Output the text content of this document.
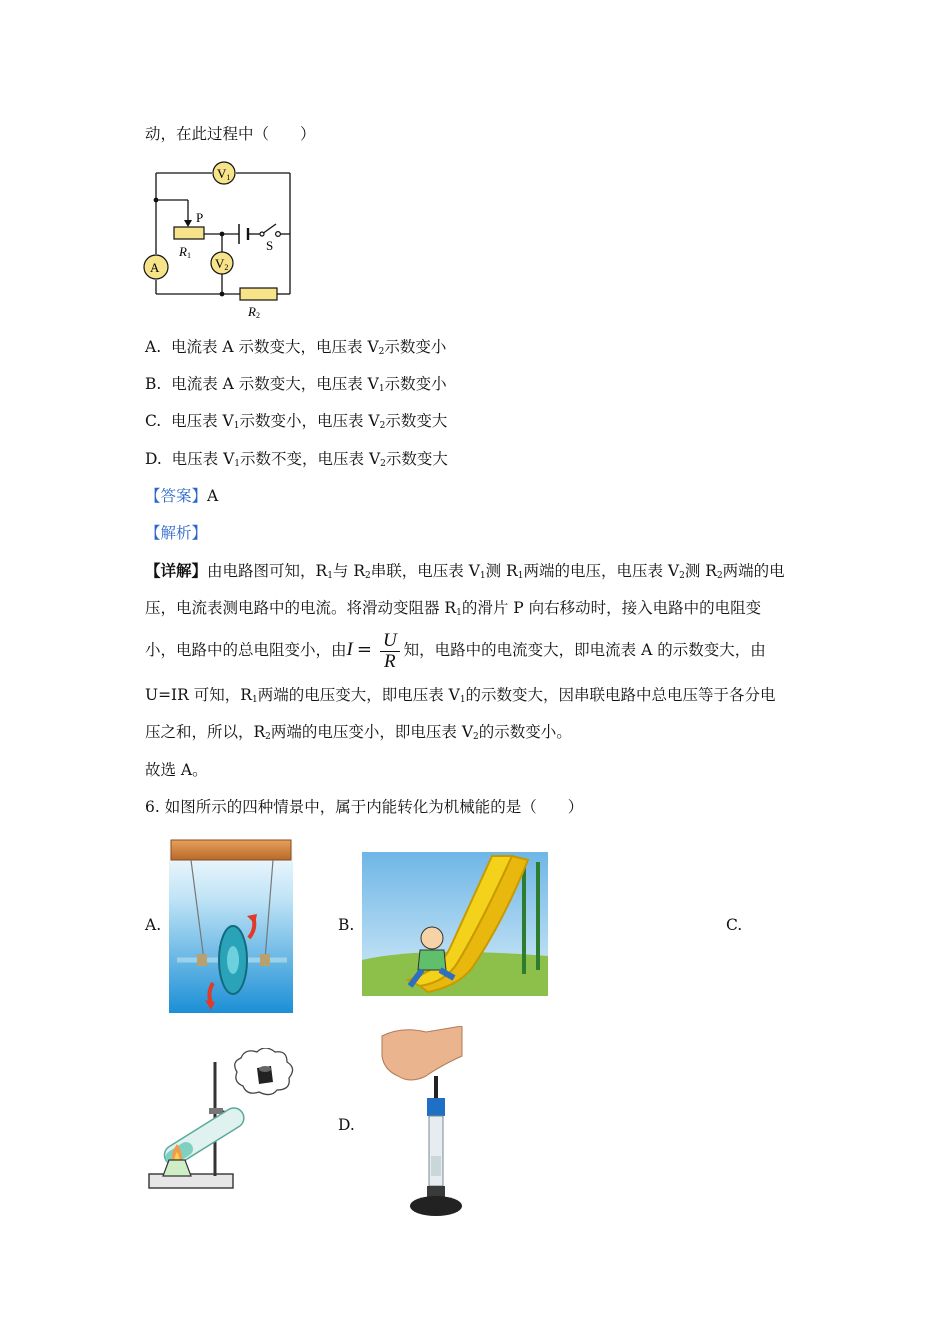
动，在此过程中（　　）
V1
V2
A
P
R1
S
R2
A. 电流表 A 示数变大，电压表 $V_2$示数变小
B. 电流表 A 示数变大，电压表 $V_1$示数变小
C. 电压表 $V_1$示数变小，电压表 $V_2$示数变大
D. 电压表 $V_1$示数不变，电压表 $V_2$示数变大
【答案】A
【解析】
【详解】由电路图可知，$R_1$与 $R_2$串联，电压表 $V_1$测 $R_1$两端的电压，电压表 $V_2$测 $R_2$两端的电
压，电流表测电路中的电流。将滑动变阻器 $R_1$的滑片 P 向右移动时，接入电路中的电阻变
小，电路中的总电阻变小，由$I = \frac{U}{R}$ 知，电路中的电流变大，即电流表 A 的示数变大，由
U=IR 可知，$R_1$两端的电压变大，即电压表 $V_1$的示数变大，因串联电路中总电压等于各分电
压之和，所以，$R_2$两端的电压变小，即电压表 $V_2$的示数变小。
故选 A。
6. 如图所示的四种情景中，属于内能转化为机械能的是（　　）
A.	B.	C.
D.
